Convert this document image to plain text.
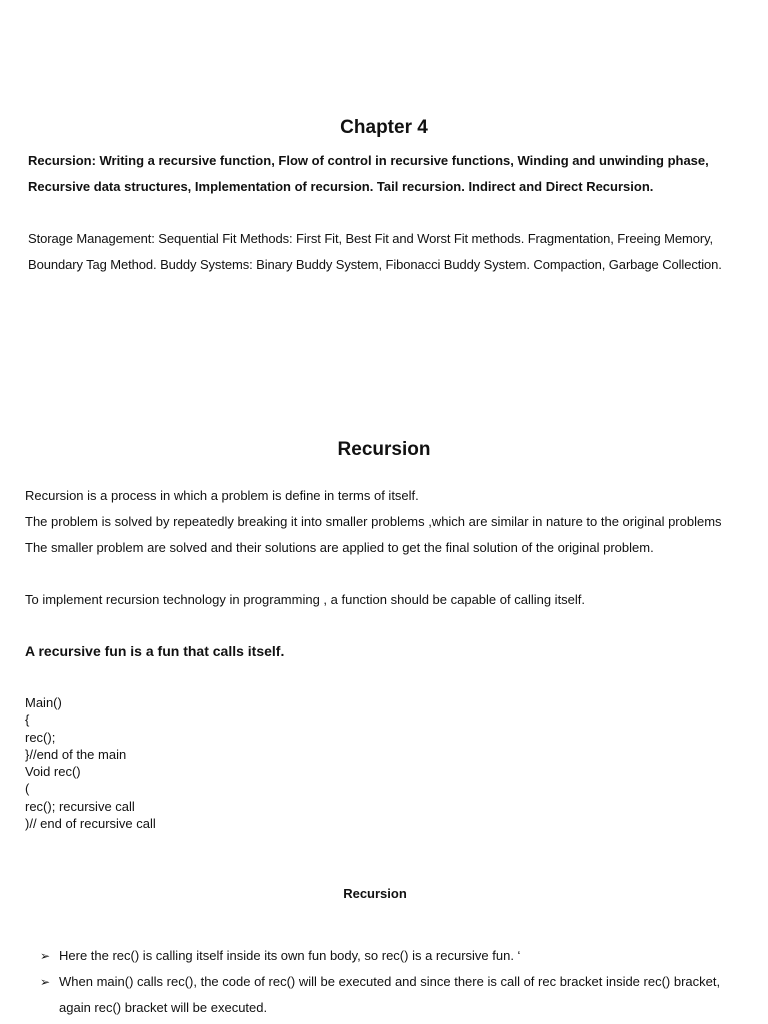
Chapter 4
Recursion: Writing a recursive function, Flow of control in recursive functions, Winding and unwinding phase,
Recursive data structures, Implementation of recursion. Tail recursion. Indirect and Direct Recursion.
Storage Management: Sequential Fit Methods: First Fit, Best Fit and Worst Fit methods. Fragmentation, Freeing Memory,
Boundary Tag Method. Buddy Systems: Binary Buddy System, Fibonacci Buddy System. Compaction, Garbage Collection.
Recursion
Recursion is a process in which a problem is define in terms of itself.
The problem is solved by repeatedly breaking it into smaller problems ,which are similar in nature to the original problems
The smaller problem are solved and their solutions are applied to get the final solution of the original problem.
To implement recursion technology in programming , a function should be capable of calling itself.
A recursive fun is a fun that calls itself.
Main()
{
rec();
}//end of the main
Void rec()
(
rec(); recursive call
)// end of recursive call
Recursion
➢ Here the rec() is calling itself inside its own fun body, so rec() is a recursive fun. ‘
➢ When main() calls rec(), the code of rec() will be executed and since there is call of rec bracket inside rec() bracket,
again rec() bracket will be executed.
